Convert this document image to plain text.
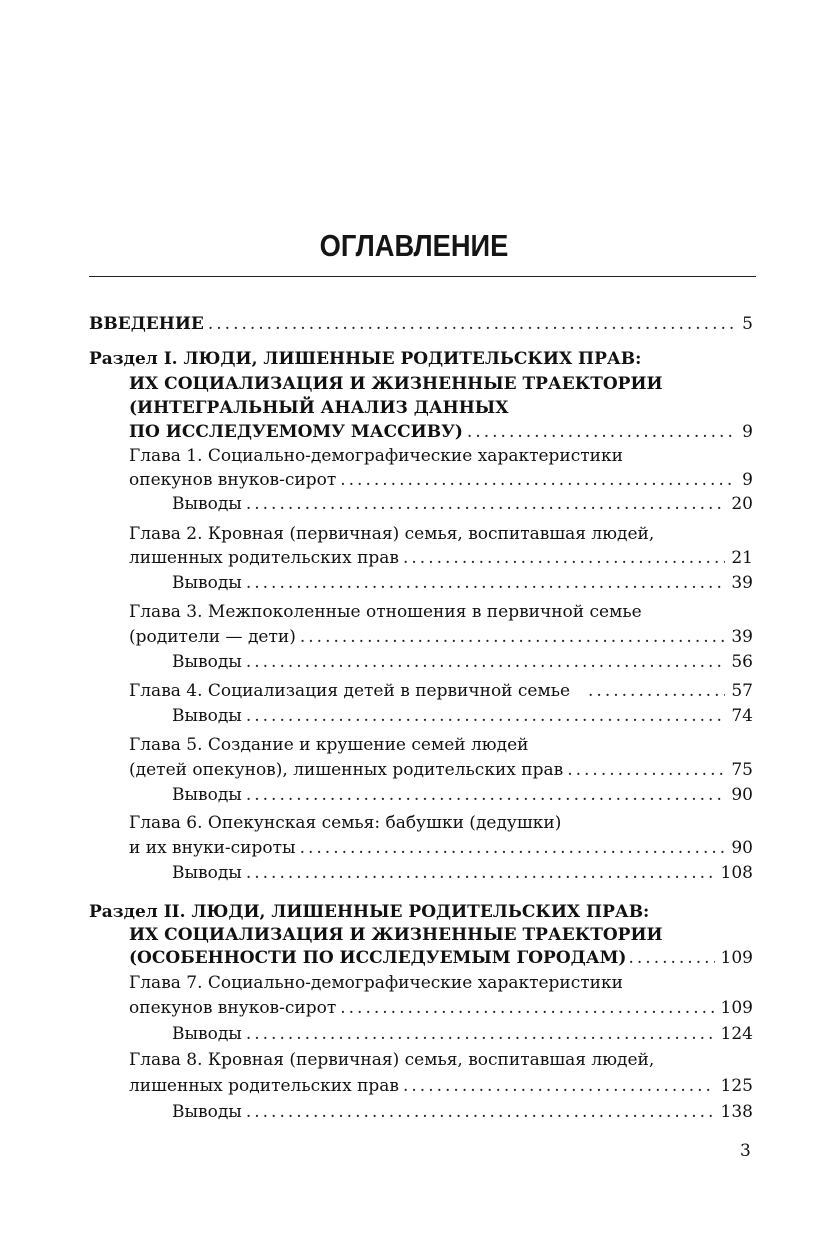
ОГЛАВЛЕНИЕ
ВВЕДЕНИЕ .....	5
Раздел I. ЛЮДИ, ЛИШЕННЫЕ РОДИТЕЛЬСКИХ ПРАВ:
ИХ СОЦИАЛИЗАЦИЯ И ЖИЗНЕННЫЕ ТРАЕКТОРИИ
(ИНТЕГРАЛЬНЫЙ АНАЛИЗ ДАННЫХ
ПО ИССЛЕДУЕМОМУ МАССИВУ) .....	9
Глава 1. Социально-демографические характеристики
опекунов внуков-сирот .....	9
Выводы .....	20
Глава 2. Кровная (первичная) семья, воспитавшая людей,
лишенных родительских прав .....	21
Выводы .....	39
Глава 3. Межпоколенные отношения в первичной семье
(родители — дети) .....	39
Выводы .....	56
Глава 4. Социализация детей в первичной семье .....	57
Выводы .....	74
Глава 5. Создание и крушение семей людей
(детей опекунов), лишенных родительских прав .....	75
Выводы .....	90
Глава 6. Опекунская семья: бабушки (дедушки)
и их внуки-сироты .....	90
Выводы .....	108
Раздел II. ЛЮДИ, ЛИШЕННЫЕ РОДИТЕЛЬСКИХ ПРАВ:
ИХ СОЦИАЛИЗАЦИЯ И ЖИЗНЕННЫЕ ТРАЕКТОРИИ
(ОСОБЕННОСТИ ПО ИССЛЕДУЕМЫМ ГОРОДАМ) .....	109
Глава 7. Социально-демографические характеристики
опекунов внуков-сирот .....	109
Выводы .....	124
Глава 8. Кровная (первичная) семья, воспитавшая людей,
лишенных родительских прав .....	125
Выводы .....	138
3
